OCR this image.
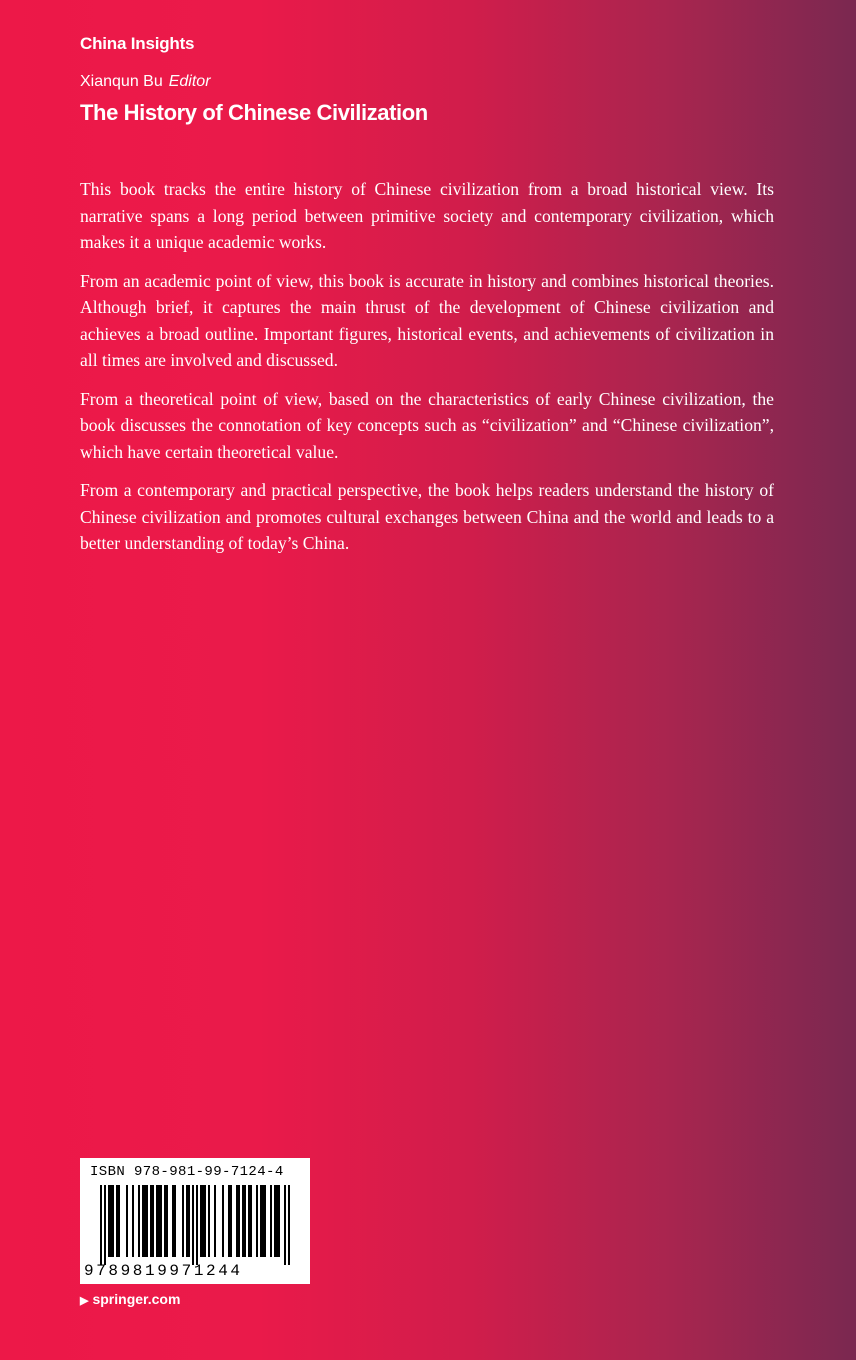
China Insights
Xianqun Bu Editor
The History of Chinese Civilization

This book tracks the entire history of Chinese civilization from a broad historical view. Its narrative spans a long period between primitive society and contemporary civilization, which makes it a unique academic works.

From an academic point of view, this book is accurate in history and combines historical theories. Although brief, it captures the main thrust of the development of Chinese civilization and achieves a broad outline. Important figures, historical events, and achievements of civilization in all times are involved and discussed.

From a theoretical point of view, based on the characteristics of early Chinese civilization, the book discusses the connotation of key concepts such as “civilization” and “Chinese civilization”, which have certain theoretical value.

From a contemporary and practical perspective, the book helps readers understand the history of Chinese civilization and promotes cultural exchanges between China and the world and leads to a better understanding of today’s China.

ISBN 978-981-99-7124-4
9789819971244
▶ springer.com
